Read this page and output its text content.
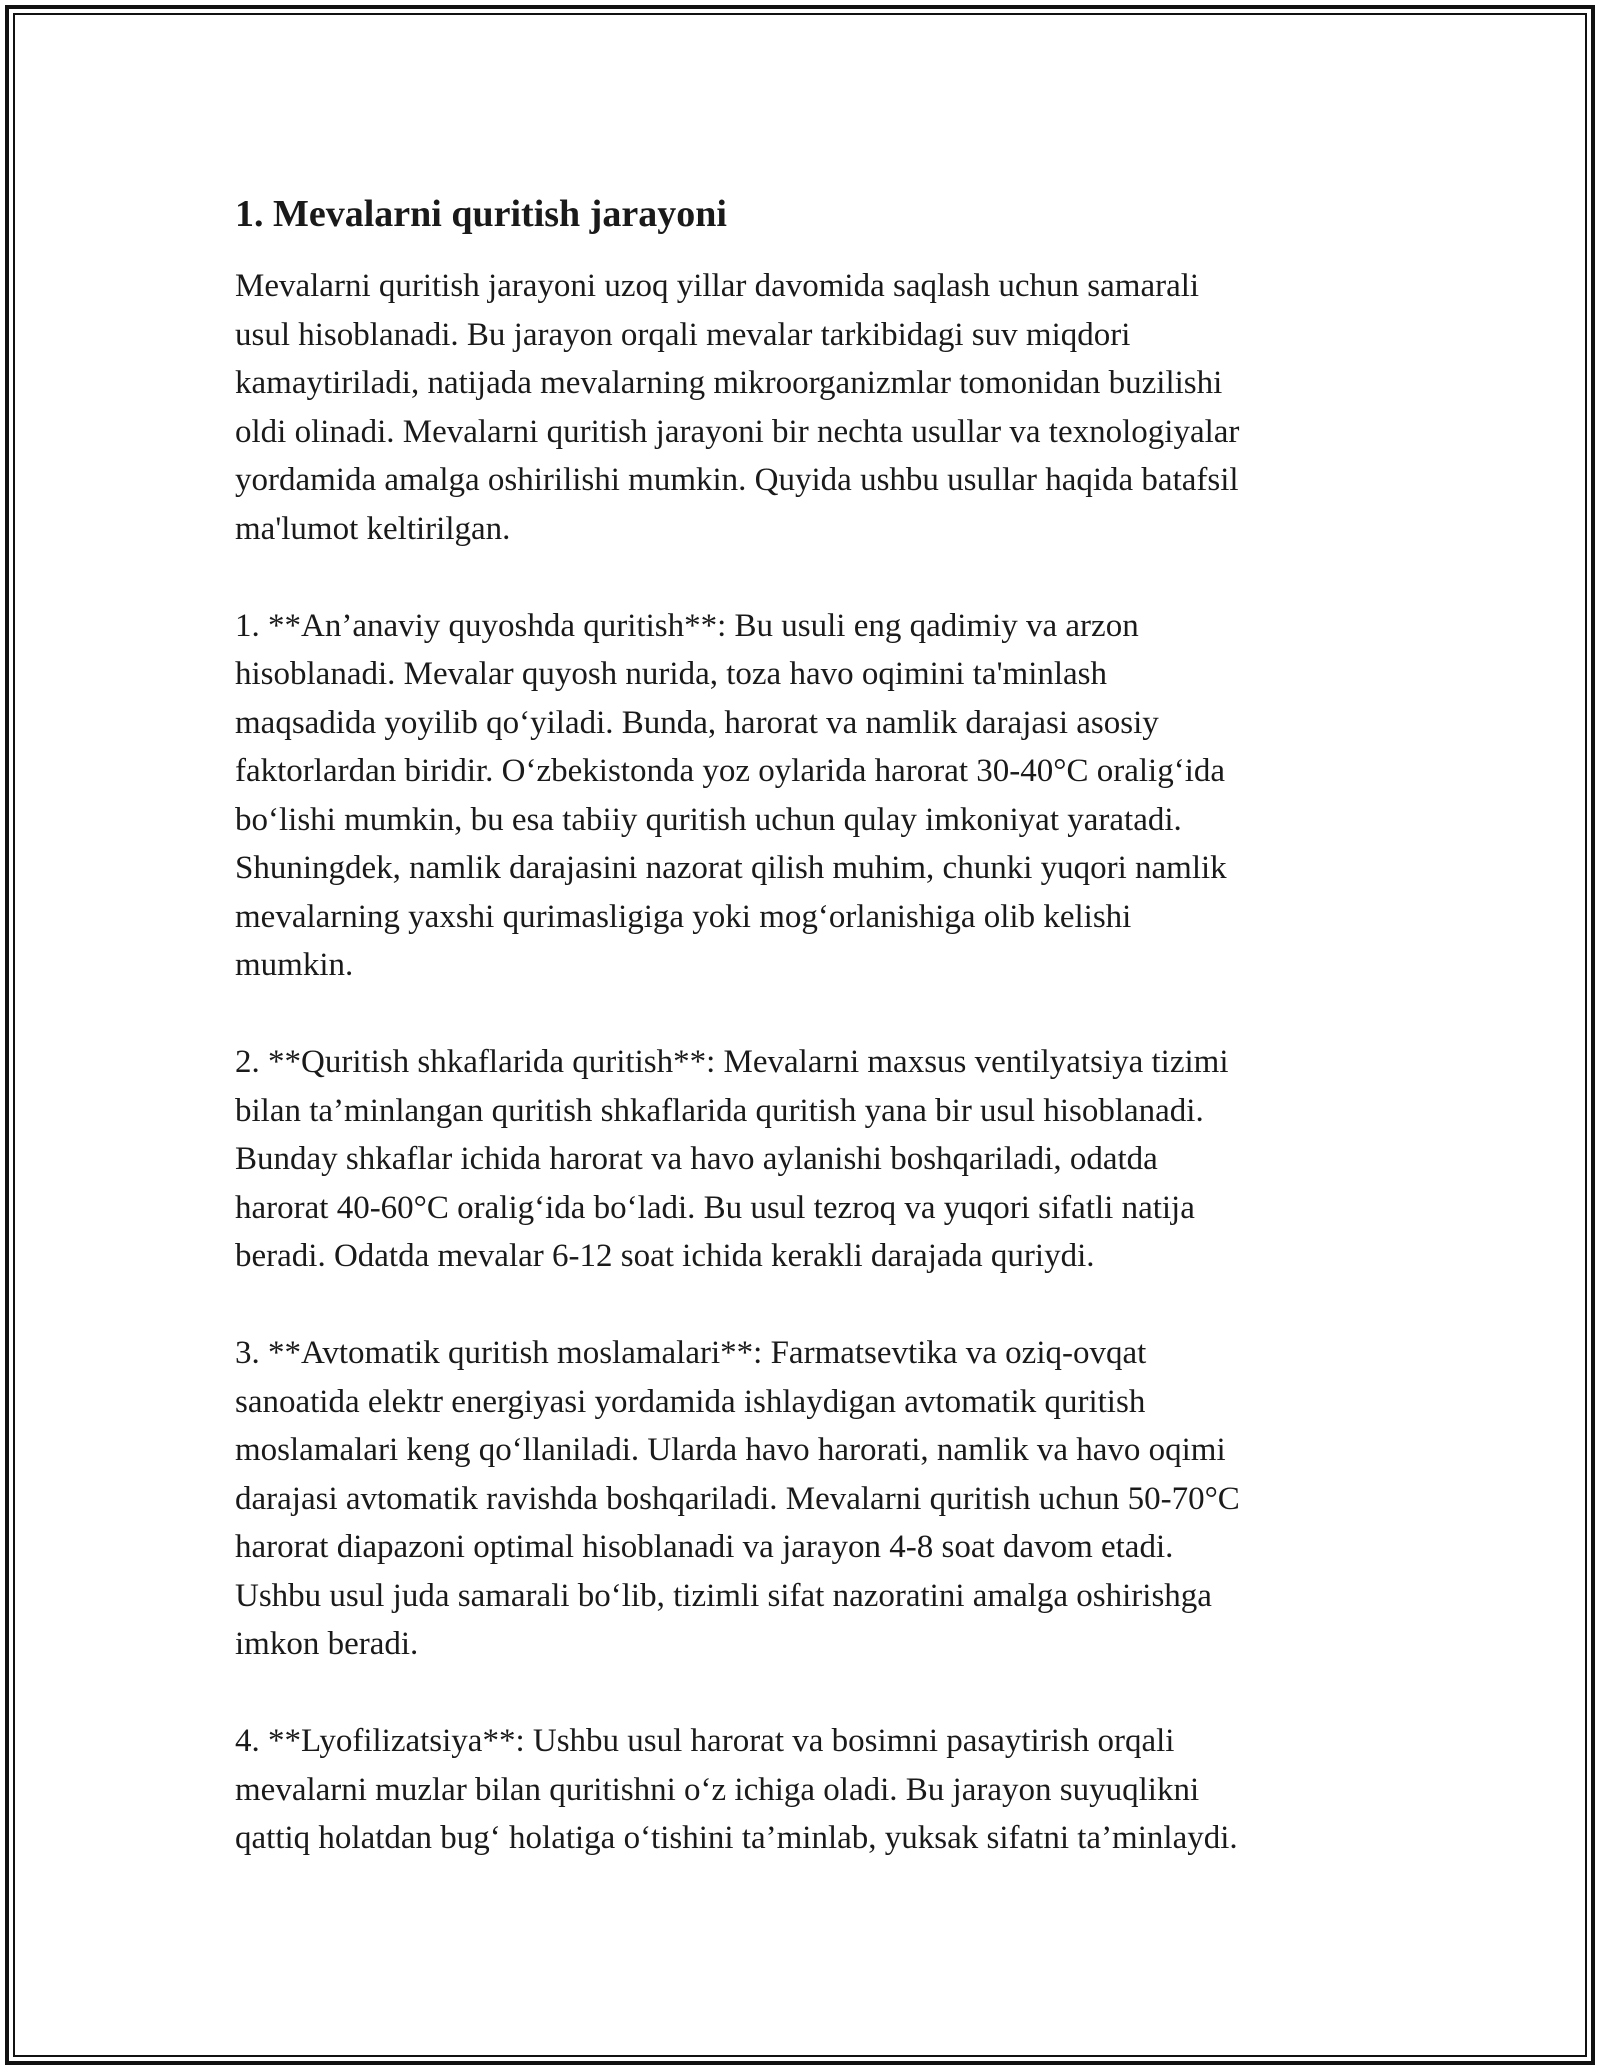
1. Mevalarni quritish jarayoni
Mevalarni quritish jarayoni uzoq yillar davomida saqlash uchun samarali
usul hisoblanadi. Bu jarayon orqali mevalar tarkibidagi suv miqdori
kamaytiriladi, natijada mevalarning mikroorganizmlar tomonidan buzilishi
oldi olinadi. Mevalarni quritish jarayoni bir nechta usullar va texnologiyalar
yordamida amalga oshirilishi mumkin. Quyida ushbu usullar haqida batafsil
ma'lumot keltirilgan.
1. **An’anaviy quyoshda quritish**: Bu usuli eng qadimiy va arzon
hisoblanadi. Mevalar quyosh nurida, toza havo oqimini ta'minlash
maqsadida yoyilib qo‘yiladi. Bunda, harorat va namlik darajasi asosiy
faktorlardan biridir. O‘zbekistonda yoz oylarida harorat 30-40°C oralig‘ida
bo‘lishi mumkin, bu esa tabiiy quritish uchun qulay imkoniyat yaratadi.
Shuningdek, namlik darajasini nazorat qilish muhim, chunki yuqori namlik
mevalarning yaxshi qurimasligiga yoki mog‘orlanishiga olib kelishi
mumkin.
2. **Quritish shkaflarida quritish**: Mevalarni maxsus ventilyatsiya tizimi
bilan ta’minlangan quritish shkaflarida quritish yana bir usul hisoblanadi.
Bunday shkaflar ichida harorat va havo aylanishi boshqariladi, odatda
harorat 40-60°C oralig‘ida bo‘ladi. Bu usul tezroq va yuqori sifatli natija
beradi. Odatda mevalar 6-12 soat ichida kerakli darajada quriydi.
3. **Avtomatik quritish moslamalari**: Farmatsevtika va oziq-ovqat
sanoatida elektr energiyasi yordamida ishlaydigan avtomatik quritish
moslamalari keng qo‘llaniladi. Ularda havo harorati, namlik va havo oqimi
darajasi avtomatik ravishda boshqariladi. Mevalarni quritish uchun 50-70°C
harorat diapazoni optimal hisoblanadi va jarayon 4-8 soat davom etadi.
Ushbu usul juda samarali bo‘lib, tizimli sifat nazoratini amalga oshirishga
imkon beradi.
4. **Lyofilizatsiya**: Ushbu usul harorat va bosimni pasaytirish orqali
mevalarni muzlar bilan quritishni o‘z ichiga oladi. Bu jarayon suyuqlikni
qattiq holatdan bug‘ holatiga o‘tishini ta’minlab, yuksak sifatni ta’minlaydi.
